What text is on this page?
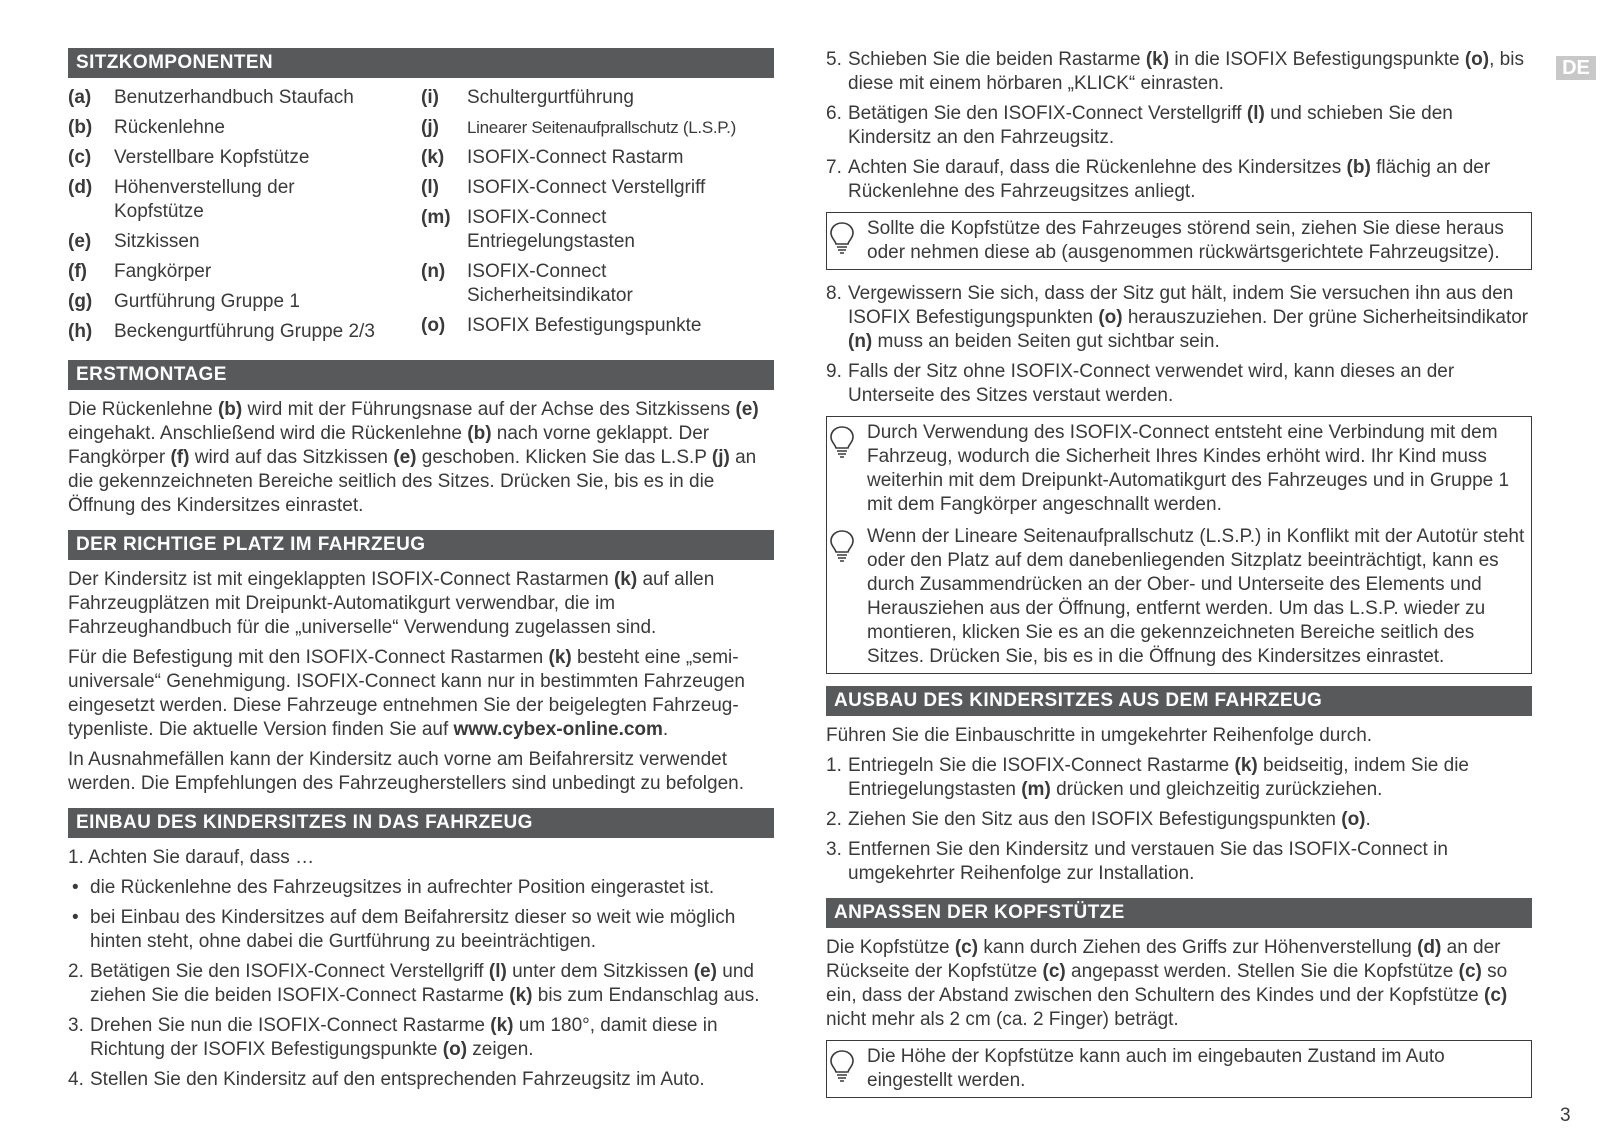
DE
3
SITZKOMPONENTEN
(a)	Benutzerhandbuch Staufach
(b)	Rückenlehne
(c)	Verstellbare Kopfstütze
(d)	Höhenverstellung der Kopfstütze
(e)	Sitzkissen
(f)	Fangkörper
(g)	Gurtführung Gruppe 1
(h)	Beckengurtführung Gruppe 2/3
(i)	Schultergurtführung
(j)	Linearer Seitenaufprallschutz (L.S.P.)
(k)	ISOFIX-Connect Rastarm
(l)	ISOFIX-Connect Verstellgriff
(m) ISOFIX-Connect Entriegelungstasten
(n)	ISOFIX-Connect Sicherheitsindikator
(o)	ISOFIX Befestigungspunkte
ERSTMONTAGE

Die Rückenlehne (b) wird mit der Führungsnase auf der Achse des Sitzkissens (e) eingehakt. Anschließend wird die Rückenlehne (b) nach vorne geklappt. Der Fangkörper (f) wird auf das Sitzkissen (e) geschoben. Klicken Sie das L.S.P (j) an die gekennzeichneten Bereiche seitlich des Sitzes. Drücken Sie, bis es in die Öffnung des Kindersitzes einrastet.

DER RICHTIGE PLATZ IM FAHRZEUG

Der Kindersitz ist mit eingeklappten ISOFIX-Connect Rastarmen (k) auf allen Fahrzeugplätzen mit Dreipunkt-Automatikgurt verwendbar, die im Fahrzeughandbuch für die „universelle“ Verwendung zugelassen sind.

Für die Befestigung mit den ISOFIX-Connect Rastarmen (k) besteht eine „semi-universale“ Genehmigung. ISOFIX-Connect kann nur in bestimmten Fahrzeugen eingesetzt werden. Diese Fahrzeuge entnehmen Sie der beigelegten Fahrzeug-typenliste. Die aktuelle Version finden Sie auf www.cybex-online.com.

In Ausnahmefällen kann der Kindersitz auch vorne am Beifahrersitz verwendet werden. Die Empfehlungen des Fahrzeugherstellers sind unbedingt zu befolgen.

EINBAU DES KINDERSITZES IN DAS FAHRZEUG
1. Achten Sie darauf, dass …
• die Rückenlehne des Fahrzeugsitzes in aufrechter Position eingerastet ist.
• bei Einbau des Kindersitzes auf dem Beifahrersitz dieser so weit wie möglich hinten steht, ohne dabei die Gurtführung zu beeinträchtigen.
2. Betätigen Sie den ISOFIX-Connect Verstellgriff (l) unter dem Sitzkissen (e) und ziehen Sie die beiden ISOFIX-Connect Rastarme (k) bis zum Endanschlag aus.
3. Drehen Sie nun die ISOFIX-Connect Rastarme (k) um 180°, damit diese in Richtung der ISOFIX Befestigungspunkte (o) zeigen.
4. Stellen Sie den Kindersitz auf den entsprechenden Fahrzeugsitz im Auto.
5. Schieben Sie die beiden Rastarme (k) in die ISOFIX Befestigungspunkte (o), bis diese mit einem hörbaren „KLICK“ einrasten.
6. Betätigen Sie den ISOFIX-Connect Verstellgriff (l) und schieben Sie den Kindersitz an den Fahrzeugsitz.
7. Achten Sie darauf, dass die Rückenlehne des Kindersitzes (b) flächig an der Rückenlehne des Fahrzeugsitzes anliegt.
Sollte die Kopfstütze des Fahrzeuges störend sein, ziehen Sie diese heraus oder nehmen diese ab (ausgenommen rückwärtsgerichtete Fahrzeugsitze).
8. Vergewissern Sie sich, dass der Sitz gut hält, indem Sie versuchen ihn aus den ISOFIX Befestigungspunkten (o) herauszuziehen. Der grüne Sicherheitsindikator (n) muss an beiden Seiten gut sichtbar sein.
9. Falls der Sitz ohne ISOFIX-Connect verwendet wird, kann dieses an der Unterseite des Sitzes verstaut werden.
Durch Verwendung des ISOFIX-Connect entsteht eine Verbindung mit dem Fahrzeug, wodurch die Sicherheit Ihres Kindes erhöht wird. Ihr Kind muss weiterhin mit dem Dreipunkt-Automatikgurt des Fahrzeuges und in Gruppe 1 mit dem Fangkörper angeschnallt werden.
Wenn der Lineare Seitenaufprallschutz (L.S.P.) in Konflikt mit der Autotür steht oder den Platz auf dem danebenliegenden Sitzplatz beeinträchtigt, kann es durch Zusammendrücken an der Ober- und Unterseite des Elements und Herausziehen aus der Öffnung, entfernt werden. Um das L.S.P. wieder zu montieren, klicken Sie es an die gekennzeichneten Bereiche seitlich des Sitzes. Drücken Sie, bis es in die Öffnung des Kindersitzes einrastet.
AUSBAU DES KINDERSITZES AUS DEM FAHRZEUG

Führen Sie die Einbauschritte in umgekehrter Reihenfolge durch.

1. Entriegeln Sie die ISOFIX-Connect Rastarme (k) beidseitig, indem Sie die Entriegelungstasten (m) drücken und gleichzeitig zurückziehen.
2. Ziehen Sie den Sitz aus den ISOFIX Befestigungspunkten (o).
3. Entfernen Sie den Kindersitz und verstauen Sie das ISOFIX-Connect in umgekehrter Reihenfolge zur Installation.
ANPASSEN DER KOPFSTÜTZE

Die Kopfstütze (c) kann durch Ziehen des Griffs zur Höhenverstellung (d) an der Rückseite der Kopfstütze (c) angepasst werden. Stellen Sie die Kopfstütze (c) so ein, dass der Abstand zwischen den Schultern des Kindes und der Kopfstütze (c) nicht mehr als 2 cm (ca. 2 Finger) beträgt.

Die Höhe der Kopfstütze kann auch im eingebauten Zustand im Auto eingestellt werden.
